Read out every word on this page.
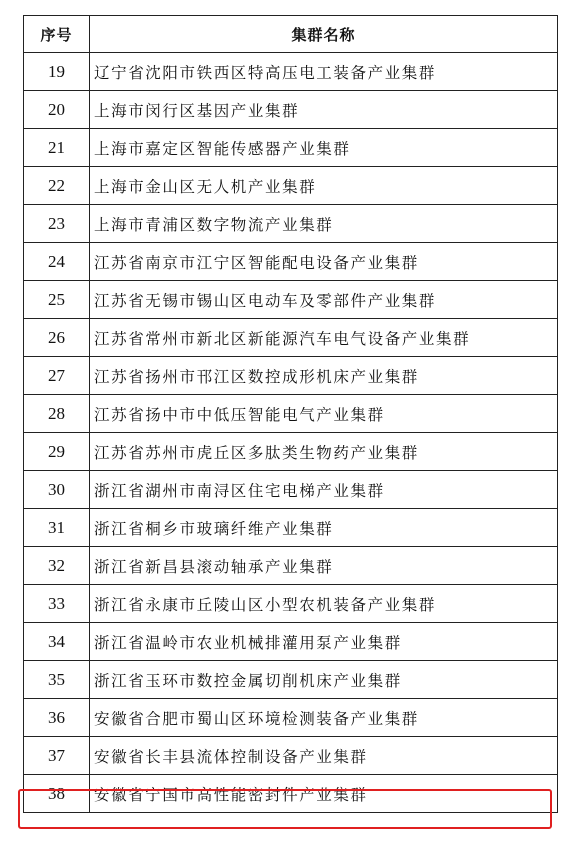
序号	集群名称
19	辽宁省沈阳市铁西区特高压电工装备产业集群
20	上海市闵行区基因产业集群
21	上海市嘉定区智能传感器产业集群
22	上海市金山区无人机产业集群
23	上海市青浦区数字物流产业集群
24	江苏省南京市江宁区智能配电设备产业集群
25	江苏省无锡市锡山区电动车及零部件产业集群
26	江苏省常州市新北区新能源汽车电气设备产业集群
27	江苏省扬州市邗江区数控成形机床产业集群
28	江苏省扬中市中低压智能电气产业集群
29	江苏省苏州市虎丘区多肽类生物药产业集群
30	浙江省湖州市南浔区住宅电梯产业集群
31	浙江省桐乡市玻璃纤维产业集群
32	浙江省新昌县滚动轴承产业集群
33	浙江省永康市丘陵山区小型农机装备产业集群
34	浙江省温岭市农业机械排灌用泵产业集群
35	浙江省玉环市数控金属切削机床产业集群
36	安徽省合肥市蜀山区环境检测装备产业集群
37	安徽省长丰县流体控制设备产业集群
38	安徽省宁国市高性能密封件产业集群
